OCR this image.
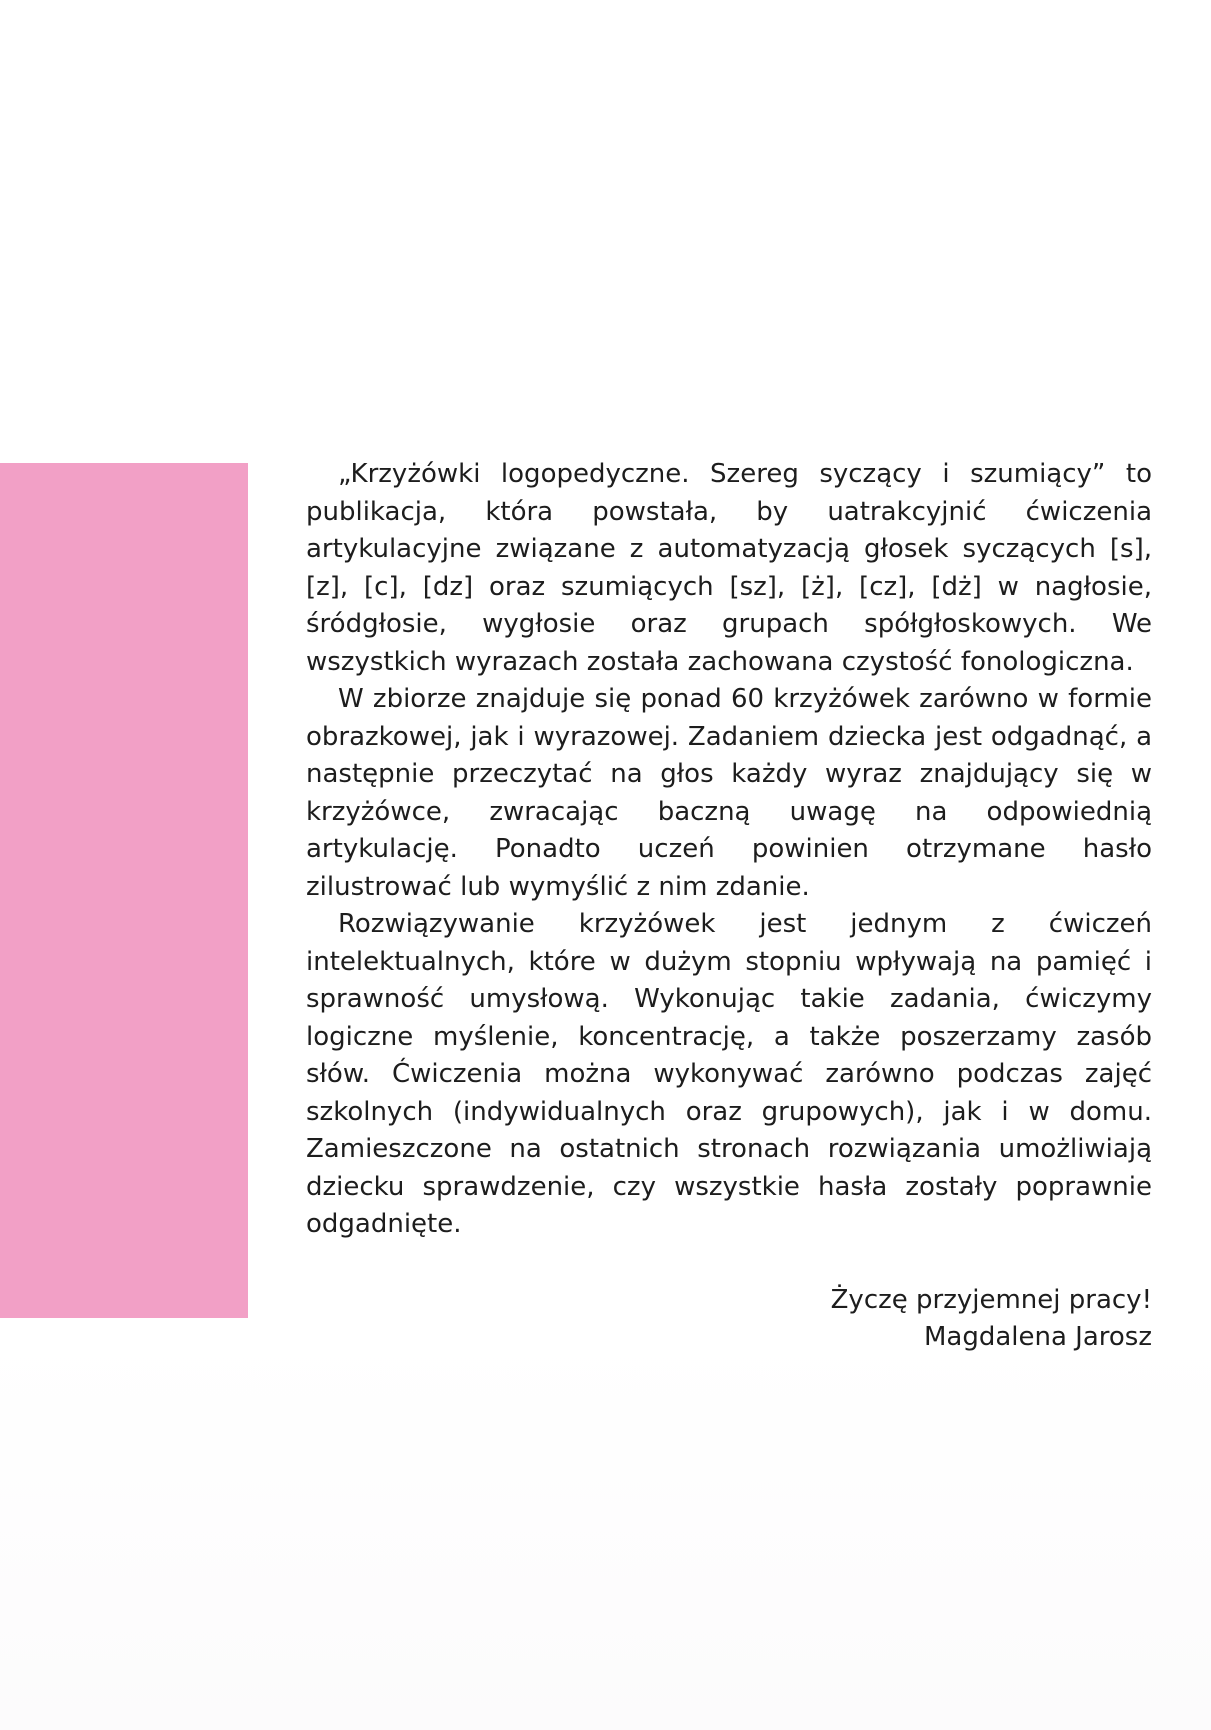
„Krzyżówki logopedyczne. Szereg syczący i szumiący” to publikacja, która powstała, by uatrakcyjnić ćwiczenia artykulacyjne związane z automatyzacją głosek syczących [s], [z], [c], [dz] oraz szumiących [sz], [ż], [cz], [dż] w nagłosie, śródgłosie, wygłosie oraz grupach spółgłoskowych. We wszystkich wyrazach została zachowana czystość fonologiczna.

W zbiorze znajduje się ponad 60 krzyżówek zarówno w formie obrazkowej, jak i wyrazowej. Zadaniem dziecka jest odgadnąć, a następnie przeczytać na głos każdy wyraz znajdujący się w krzyżówce, zwracając baczną uwagę na odpowiednią artykulację. Ponadto uczeń powinien otrzymane hasło zilustrować lub wymyślić z nim zdanie.

Rozwiązywanie krzyżówek jest jednym z ćwiczeń intelektualnych, które w dużym stopniu wpływają na pamięć i sprawność umysłową. Wykonując takie zadania, ćwiczymy logiczne myślenie, koncentrację, a także poszerzamy zasób słów. Ćwiczenia można wykonywać zarówno podczas zajęć szkolnych (indywidualnych oraz grupowych), jak i w domu. Zamieszczone na ostatnich stronach rozwiązania umożliwiają dziecku sprawdzenie, czy wszystkie hasła zostały poprawnie odgadnięte.

Życzę przyjemnej pracy!
Magdalena Jarosz
